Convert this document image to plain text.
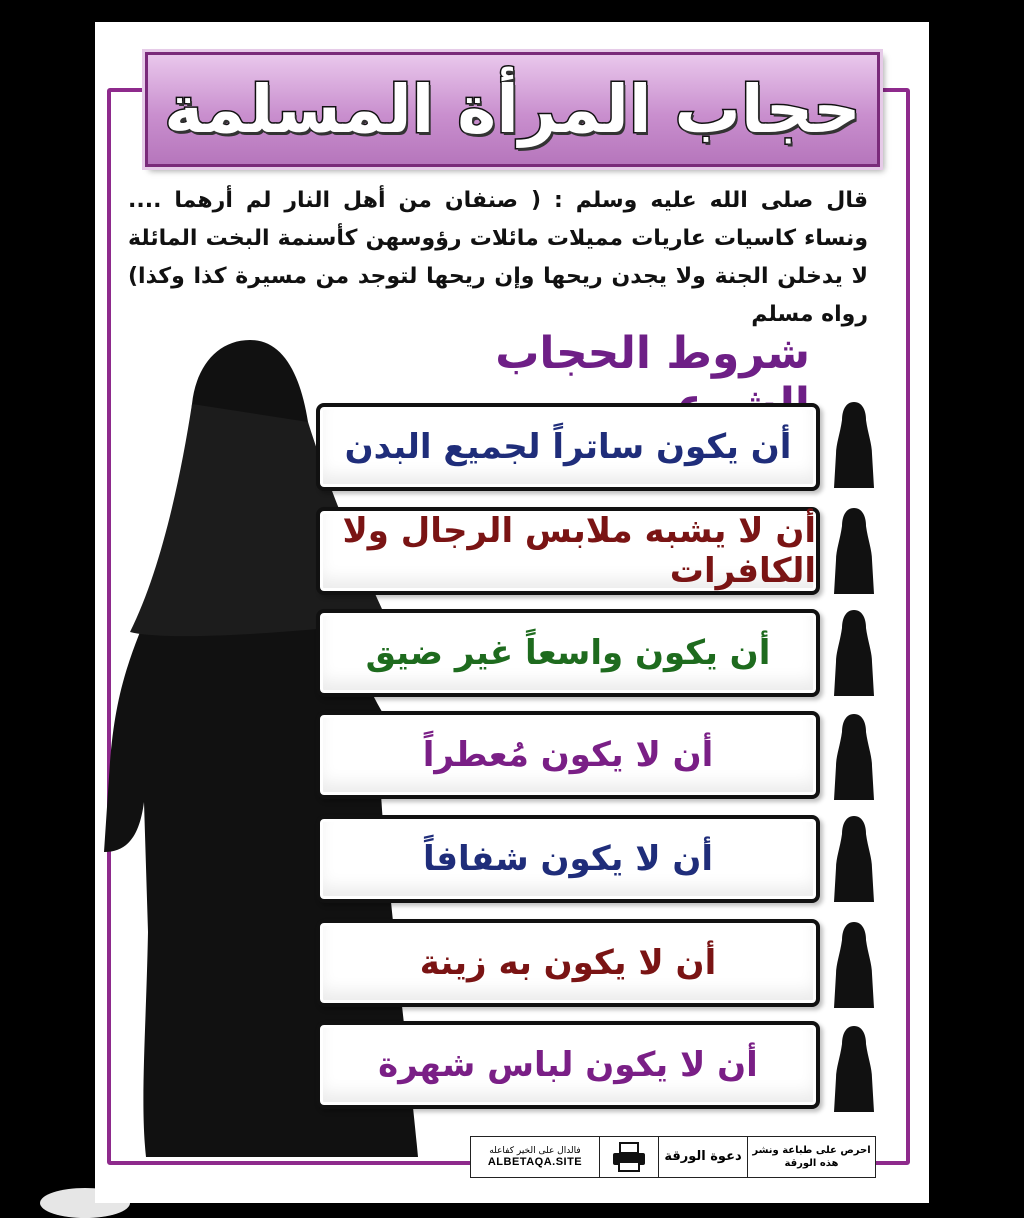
حجاب المرأة المسلمة
قال صلى الله عليه وسلم : ( صنفان من أهل النار لم أرهما .... ونساء كاسيات عاريات مميلات مائلات رؤوسهن كأسنمة البخت المائلة لا يدخلن الجنة ولا يجدن ريحها وإن ريحها لتوجد من مسيرة كذا وكذا) رواه مسلم
شروط الحجاب
أن يكون ساتراً لجميع البدن
أن لا يشبه ملابس الرجال ولا الكافرات
أن يكون واسعاً غير ضيق
أن لا يكون مُعطراً
أن لا يكون شفافاً
أن لا يكون به زينة
أن لا يكون لباس شهرة
فالدال على الخير كفاعله
ALBETAQA.SITE	دعوة الورقة	احرص على طباعة ونشر هذه الورقة
